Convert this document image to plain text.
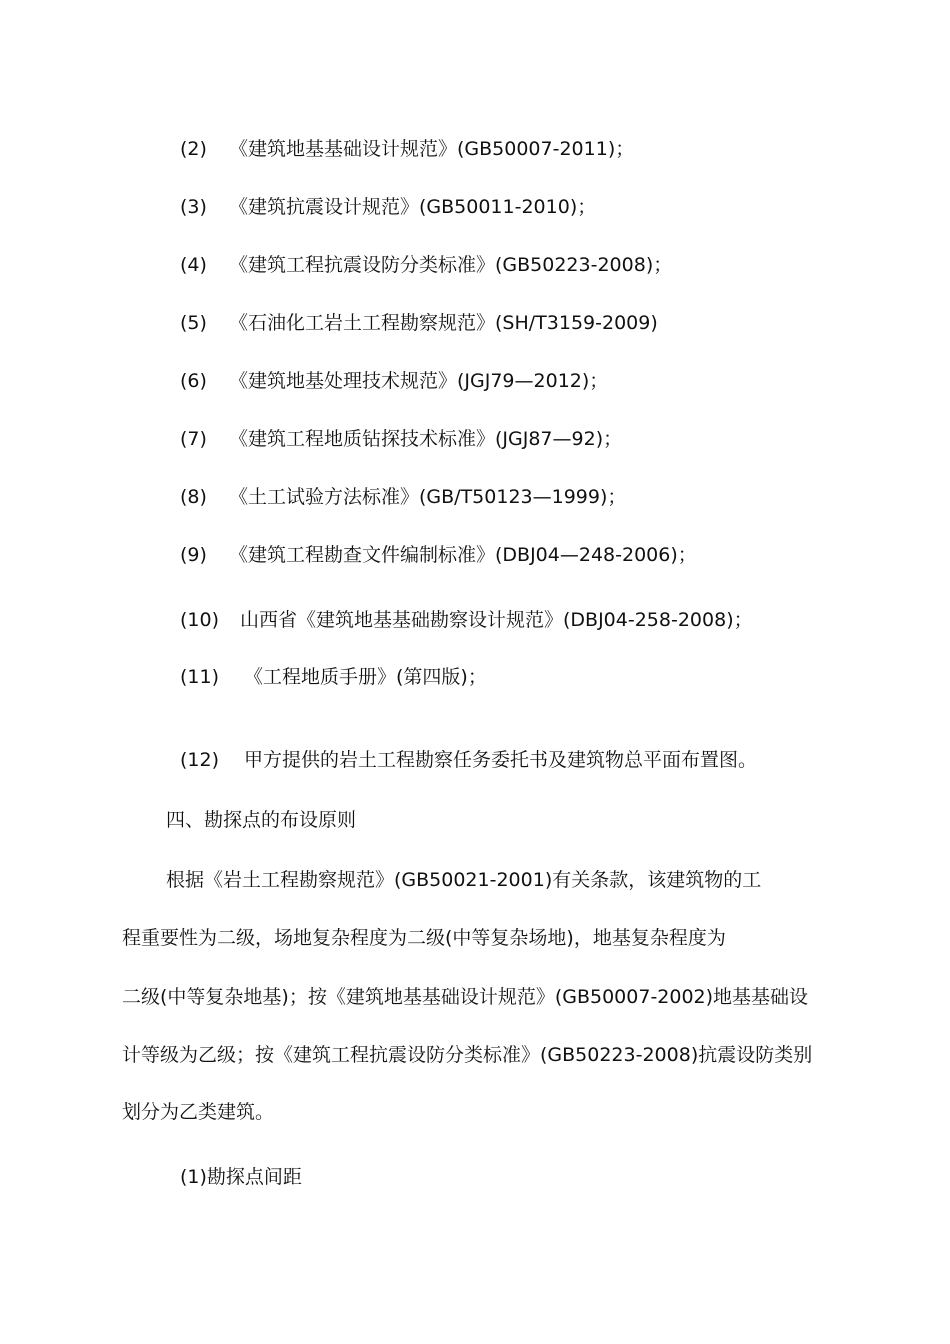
(2) 《建筑地基基础设计规范》(GB50007-2011)；
(3) 《建筑抗震设计规范》(GB50011-2010)；
(4) 《建筑工程抗震设防分类标准》(GB50223-2008)；
(5) 《石油化工岩土工程勘察规范》(SH/T3159-2009)
(6) 《建筑地基处理技术规范》(JGJ79—2012)；
(7) 《建筑工程地质钻探技术标准》(JGJ87—92)；
(8) 《土工试验方法标准》(GB/T50123—1999)；
(9) 《建筑工程勘查文件编制标准》(DBJ04—248-2006)；
(10) 山西省《建筑地基基础勘察设计规范》(DBJ04-258-2008)；
(11) 《工程地质手册》(第四版)；
(12) 甲方提供的岩土工程勘察任务委托书及建筑物总平面布置图。
四、勘探点的布设原则
根据《岩土工程勘察规范》(GB50021-2001)有关条款，该建筑物的工
程重要性为二级，场地复杂程度为二级(中等复杂场地)，地基复杂程度为
二级(中等复杂地基)；按《建筑地基基础设计规范》(GB50007-2002)地基基础设
计等级为乙级；按《建筑工程抗震设防分类标准》(GB50223-2008)抗震设防类别
划分为乙类建筑。
(1)勘探点间距
